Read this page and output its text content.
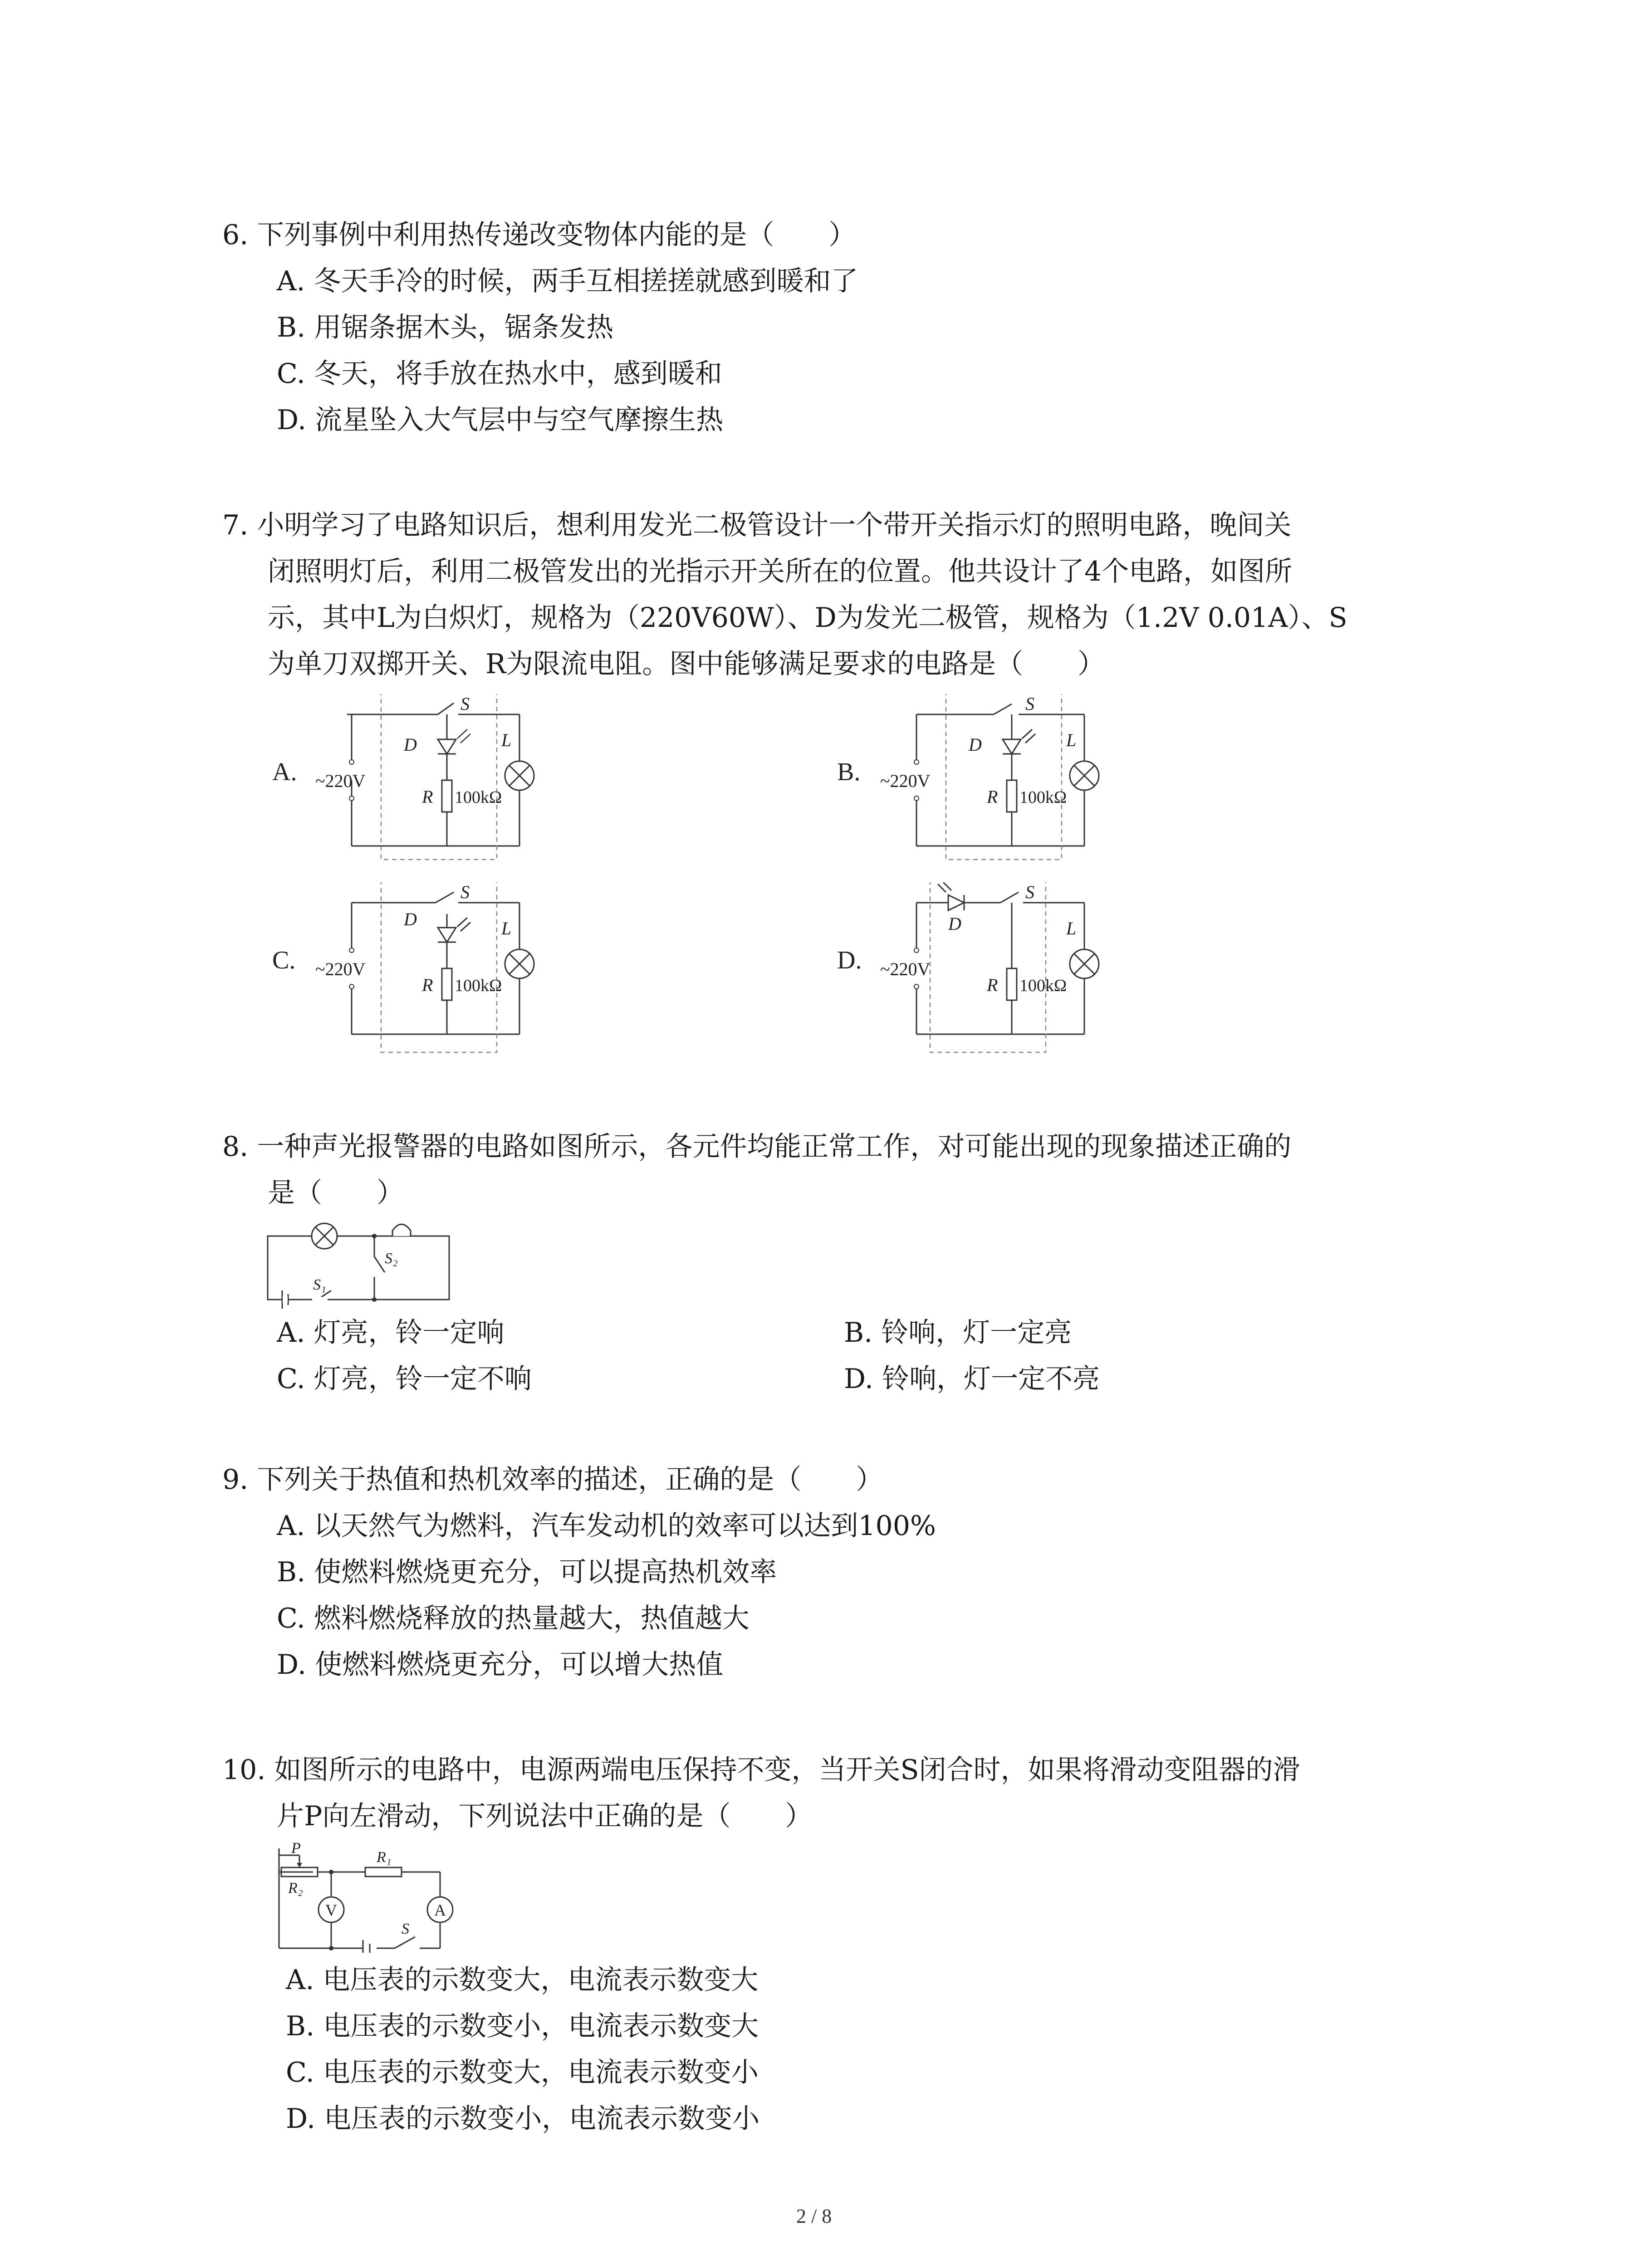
6. 下列事例中利用热传递改变物体内能的是（　　）
A. 冬天手冷的时候，两手互相搓搓就感到暖和了
B. 用锯条据木头，锯条发热
C. 冬天，将手放在热水中，感到暖和
D. 流星坠入大气层中与空气摩擦生热
7. 小明学习了电路知识后，想利用发光二极管设计一个带开关指示灯的照明电路，晚间关
闭照明灯后，利用二极管发出的光指示开关所在的位置。他共设计了4个电路，如图所
示，其中L为白炽灯，规格为（220V60W）、D为发光二极管，规格为（1.2V 0.01A）、S
为单刀双掷开关、R为限流电阻。图中能够满足要求的电路是（　　）
A. ~220V
S
D	L
R 100kΩ
B. ~220V
S
D	L
R 100kΩ
C. ~220V
S
D	L
R 100kΩ
D. ~220V
S
D	L
R 100kΩ
8. 一种声光报警器的电路如图所示，各元件均能正常工作，对可能出现的现象描述正确的
是（　　）
S₁
S₂
A. 灯亮，铃一定响	B. 铃响，灯一定亮
C. 灯亮，铃一定不响	D. 铃响，灯一定不亮
9. 下列关于热值和热机效率的描述，正确的是（　　）
A. 以天然气为燃料，汽车发动机的效率可以达到100%
B. 使燃料燃烧更充分，可以提高热机效率
C. 燃料燃烧释放的热量越大，热值越大
D. 使燃料燃烧更充分，可以增大热值
10. 如图所示的电路中，电源两端电压保持不变，当开关S闭合时，如果将滑动变阻器的滑
片P向左滑动，下列说法中正确的是（　　）
P
R₁
R₂
V	A
S
A. 电压表的示数变大，电流表示数变大
B. 电压表的示数变小，电流表示数变大
C. 电压表的示数变大，电流表示数变小
D. 电压表的示数变小，电流表示数变小
2 / 8
